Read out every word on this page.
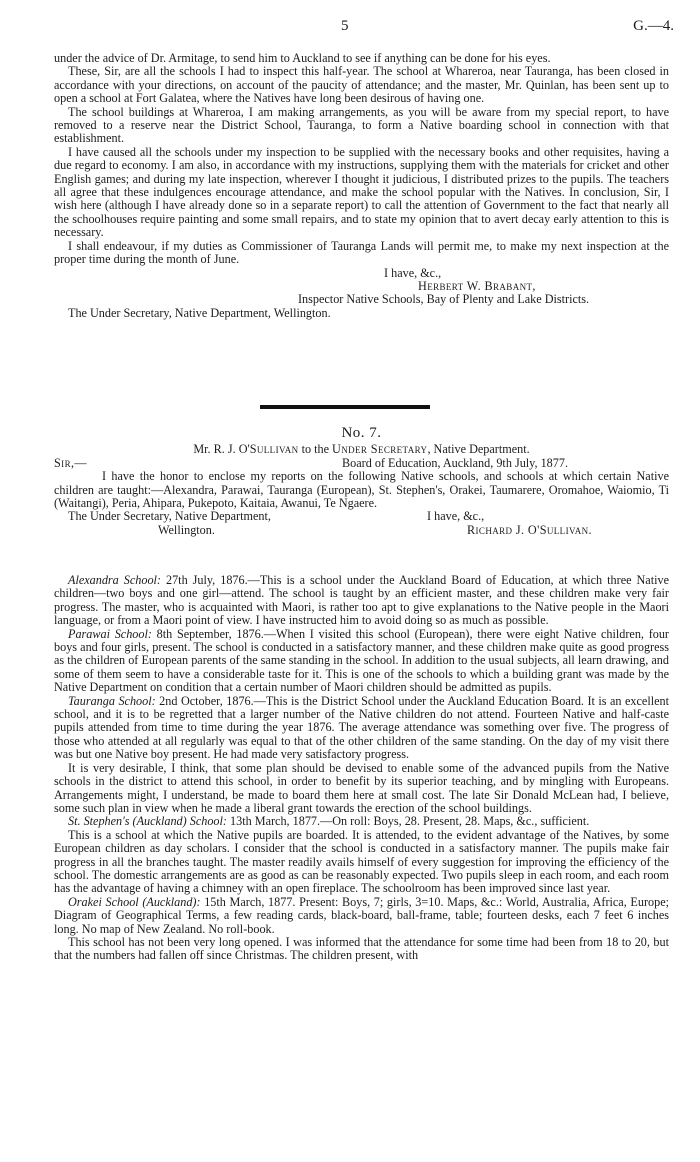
5	G.—4.

under the advice of Dr. Armitage, to send him to Auckland to see if anything can be done for his eyes.

These, Sir, are all the schools I had to inspect this half-year. The school at Whareroa, near Tauranga, has been closed in accordance with your directions, on account of the paucity of attendance; and the master, Mr. Quinlan, has been sent up to open a school at Fort Galatea, where the Natives have long been desirous of having one.

The school buildings at Whareroa, I am making arrangements, as you will be aware from my special report, to have removed to a reserve near the District School, Tauranga, to form a Native boarding school in connection with that establishment.

I have caused all the schools under my inspection to be supplied with the necessary books and other requisites, having a due regard to economy. I am also, in accordance with my instructions, supplying them with the materials for cricket and other English games; and during my late inspection, wherever I thought it judicious, I distributed prizes to the pupils. The teachers all agree that these indulgences encourage attendance, and make the school popular with the Natives. In conclusion, Sir, I wish here (although I have already done so in a separate report) to call the attention of Government to the fact that nearly all the schoolhouses require painting and some small repairs, and to state my opinion that to avert decay early attention to this is necessary.

I shall endeavour, if my duties as Commissioner of Tauranga Lands will permit me, to make my next inspection at the proper time during the month of June.

I have, &c.,

Herbert W. Brabant,

Inspector Native Schools, Bay of Plenty and Lake Districts.

The Under Secretary, Native Department, Wellington.

No. 7.

Mr. R. J. O'Sullivan to the Under Secretary, Native Department.

Sir,—	Board of Education, Auckland, 9th July, 1877.

I have the honor to enclose my reports on the following Native schools, and schools at which certain Native children are taught:—Alexandra, Parawai, Tauranga (European), St. Stephen's, Orakei, Taumarere, Oromahoe, Waiomio, Ti (Waitangi), Peria, Ahipara, Pukepoto, Kaitaia, Awanui, Te Ngaere.

The Under Secretary, Native Department,	I have, &c.,
Wellington.	Richard J. O'Sullivan.

Alexandra School: 27th July, 1876.—This is a school under the Auckland Board of Education, at which three Native children—two boys and one girl—attend. The school is taught by an efficient master, and these children make very fair progress. The master, who is acquainted with Maori, is rather too apt to give explanations to the Native people in the Maori language, or from a Maori point of view. I have instructed him to avoid doing so as much as possible.

Parawai School: 8th September, 1876.—When I visited this school (European), there were eight Native children, four boys and four girls, present. The school is conducted in a satisfactory manner, and these children make quite as good progress as the children of European parents of the same standing in the school. In addition to the usual subjects, all learn drawing, and some of them seem to have a considerable taste for it. This is one of the schools to which a building grant was made by the Native Department on condition that a certain number of Maori children should be admitted as pupils.

Tauranga School: 2nd October, 1876.—This is the District School under the Auckland Education Board. It is an excellent school, and it is to be regretted that a larger number of the Native children do not attend. Fourteen Native and half-caste pupils attended from time to time during the year 1876. The average attendance was something over five. The progress of those who attended at all regularly was equal to that of the other children of the same standing. On the day of my visit there was but one Native boy present. He had made very satisfactory progress.

It is very desirable, I think, that some plan should be devised to enable some of the advanced pupils from the Native schools in the district to attend this school, in order to benefit by its superior teaching, and by mingling with Europeans. Arrangements might, I understand, be made to board them here at small cost. The late Sir Donald McLean had, I believe, some such plan in view when he made a liberal grant towards the erection of the school buildings.

St. Stephen's (Auckland) School: 13th March, 1877.—On roll: Boys, 28. Present, 28. Maps, &c., sufficient.

This is a school at which the Native pupils are boarded. It is attended, to the evident advantage of the Natives, by some European children as day scholars. I consider that the school is conducted in a satisfactory manner. The pupils make fair progress in all the branches taught. The master readily avails himself of every suggestion for improving the efficiency of the school. The domestic arrangements are as good as can be reasonably expected. Two pupils sleep in each room, and each room has the advantage of having a chimney with an open fireplace. The schoolroom has been improved since last year.

Orakei School (Auckland): 15th March, 1877. Present: Boys, 7; girls, 3=10. Maps, &c.: World, Australia, Africa, Europe; Diagram of Geographical Terms, a few reading cards, black-board, ball-frame, table; fourteen desks, each 7 feet 6 inches long. No map of New Zealand. No roll-book.

This school has not been very long opened. I was informed that the attendance for some time had been from 18 to 20, but that the numbers had fallen off since Christmas. The children present, with
